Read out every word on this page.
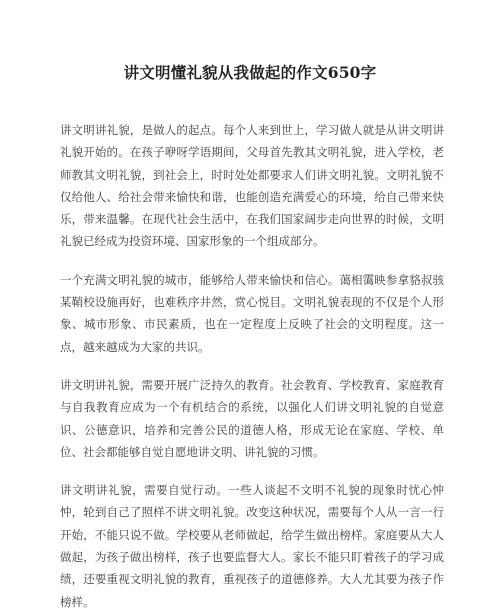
讲文明懂礼貌从我做起的作文650字

讲文明讲礼貌，是做人的起点。每个人来到世上，学习做人就是从讲文明讲礼貌开始的。在孩子咿呀学语期间，父母首先教其文明礼貌，进入学校，老师教其文明礼貌，到社会上，时时处处都要求人们讲文明礼貌。文明礼貌不仅给他人、给社会带来愉快和谐，也能创造充满爱心的环境，给自己带来快乐，带来温馨。在现代社会生活中，在我们国家阔步走向世界的时候，文明礼貌已经成为投资环境、国家形象的一个组成部分。

一个充满文明礼貌的城市，能够给人带来愉快和信心。蔼相霭映参拿貉叔骇某鞘校设施再好，也难秩序井然，赏心悦目。文明礼貌表现的不仅是个人形象、城市形象、市民素质，也在一定程度上反映了社会的文明程度。这一点，越来越成为大家的共识。

讲文明讲礼貌，需要开展广泛持久的教育。社会教育、学校教育、家庭教育与自我教育应成为一个有机结合的系统，以强化人们讲文明礼貌的自觉意识、公德意识，培养和完善公民的道德人格，形成无论在家庭、学校、单位、社会都能够自觉自愿地讲文明、讲礼貌的习惯。

讲文明讲礼貌，需要自觉行动。一些人谈起不文明不礼貌的现象时忧心忡忡，轮到自己了照样不讲文明礼貌。改变这种状况，需要每个人从一言一行开始，不能只说不做。学校要从老师做起，给学生做出榜样。家庭要从大人做起，为孩子做出榜样，孩子也要监督大人。家长不能只盯着孩子的学习成绩，还要重视文明礼貌的教育，重视孩子的道德修养。大人尤其要为孩子作榜样。
